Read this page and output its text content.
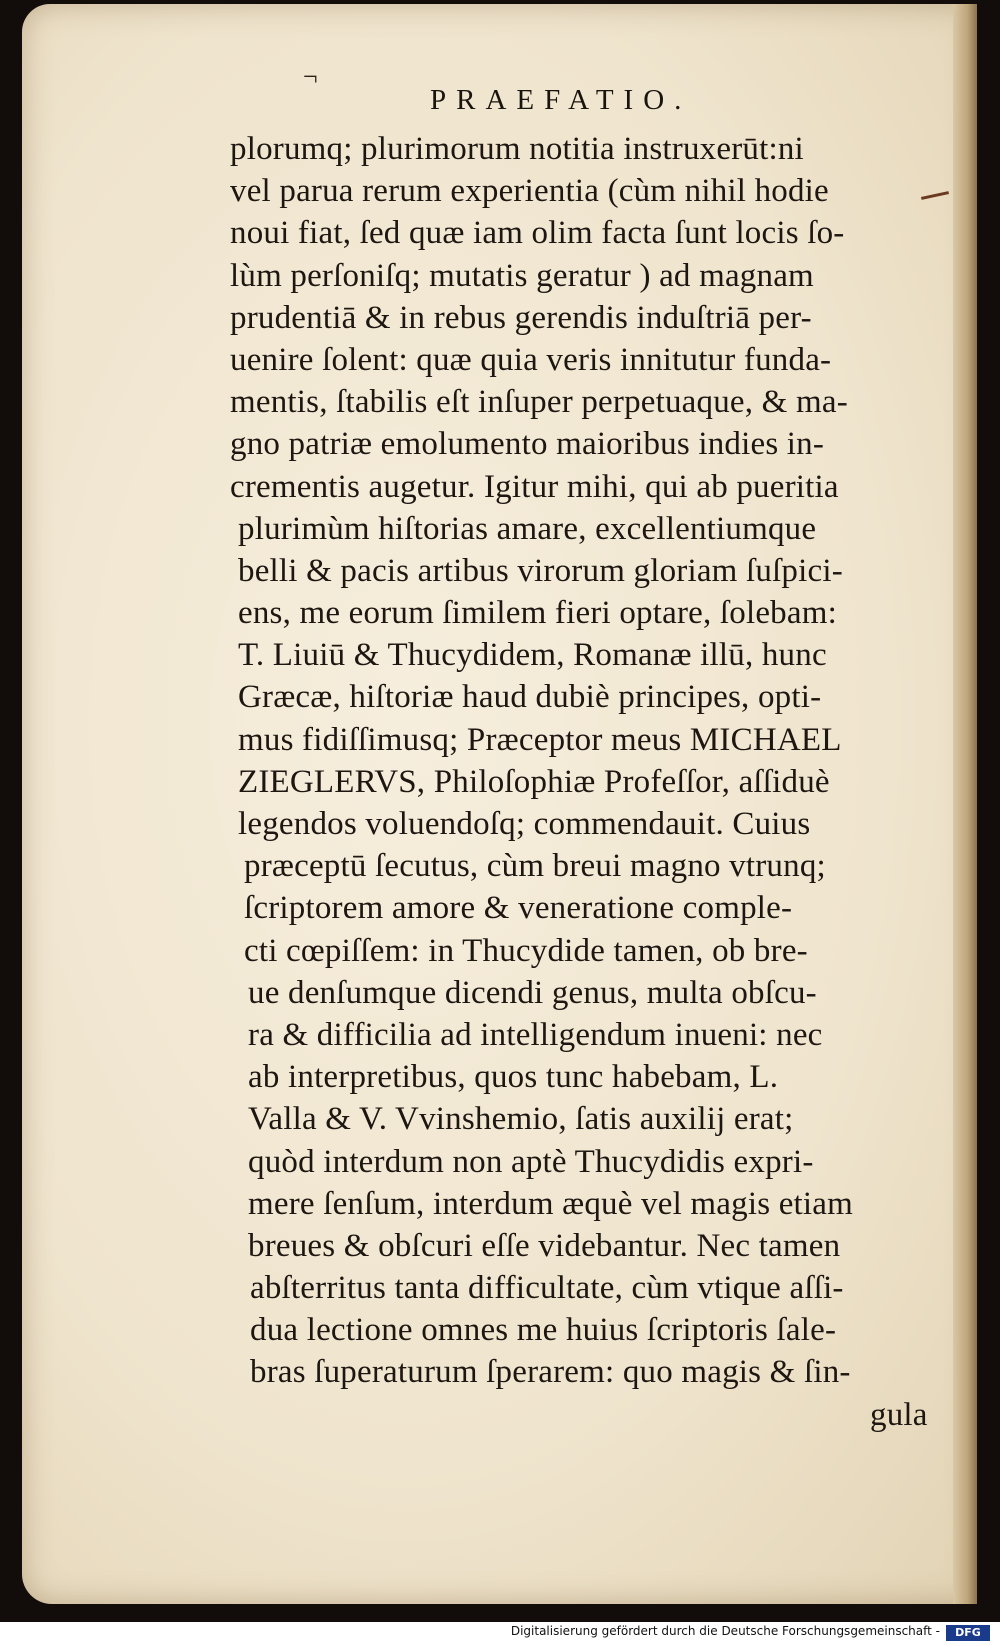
¬
PRAEFATIO.
plorumq; plurimorum notitia instruxerūt:ni
vel parua rerum experientia (cùm nihil hodie
noui fiat, ſed quæ iam olim facta ſunt locis ſo-
lùm perſoniſq; mutatis geratur ) ad magnam
prudentiā & in rebus gerendis induſtriā per-
uenire ſolent: quæ quia veris innitutur funda-
mentis, ſtabilis eſt inſuper perpetuaque, & ma-
gno patriæ emolumento maioribus indies in-
crementis augetur. Igitur mihi, qui ab pueritia
plurimùm hiſtorias amare, excellentiumque
belli & pacis artibus virorum gloriam ſuſpici-
ens, me eorum ſimilem fieri optare, ſolebam:
T. Liuiū & Thucydidem, Romanæ illū, hunc
Græcæ, hiſtoriæ haud dubiè principes, opti-
mus fidiſſimusq; Præceptor meus MICHAEL
ZIEGLERVS, Philoſophiæ Profeſſor, aſſiduè
legendos voluendoſq; commendauit. Cuius
præceptū ſecutus, cùm breui magno vtrunq;
ſcriptorem amore & veneratione comple-
cti cœpiſſem: in Thucydide tamen, ob bre-
ue denſumque dicendi genus, multa obſcu-
ra & difficilia ad intelligendum inueni: nec
ab interpretibus, quos tunc habebam, L.
Valla & V. Vvinshemio, ſatis auxilij erat;
quòd interdum non aptè Thucydidis expri-
mere ſenſum, interdum æquè vel magis etiam
breues & obſcuri eſſe videbantur. Nec tamen
abſterritus tanta difficultate, cùm vtique aſſi-
dua lectione omnes me huius ſcriptoris ſale-
bras ſuperaturum ſperarem: quo magis & ſin-
gula
Digitalisierung gefördert durch die Deutsche Forschungsgemeinschaft -	DFG
